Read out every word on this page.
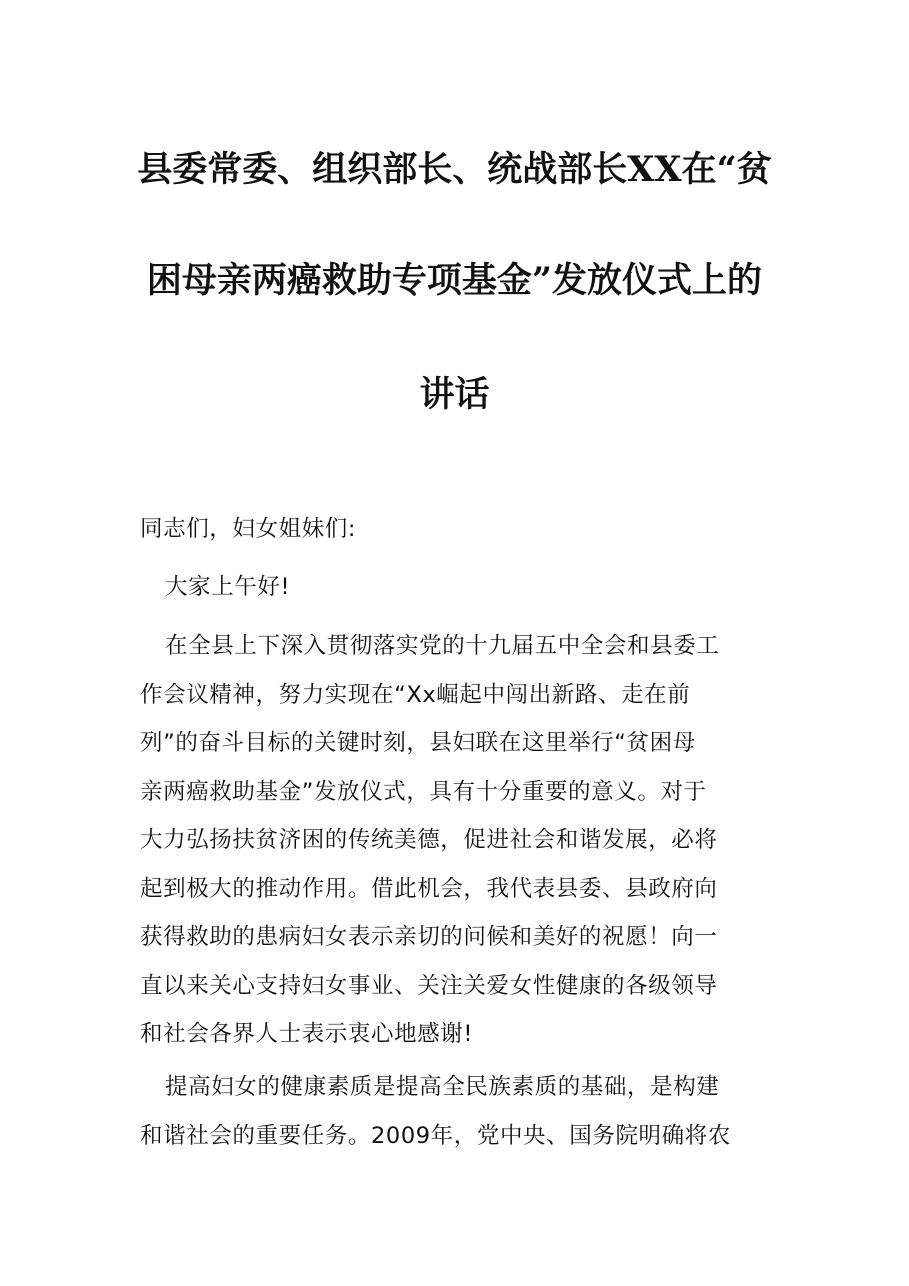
县委常委、组织部长、统战部长XX在“贫
困母亲两癌救助专项基金”发放仪式上的
讲话
同志们，妇女姐妹们:
大家上午好!
在全县上下深入贯彻落实党的十九届五中全会和县委工
作会议精神，努力实现在“Xx崛起中闯出新路、走在前
列”的奋斗目标的关键时刻，县妇联在这里举行“贫困母
亲两癌救助基金”发放仪式，具有十分重要的意义。对于
大力弘扬扶贫济困的传统美德，促进社会和谐发展，必将
起到极大的推动作用。借此机会，我代表县委、县政府向
获得救助的患病妇女表示亲切的问候和美好的祝愿！向一
直以来关心支持妇女事业、关注关爱女性健康的各级领导
和社会各界人士表示衷心地感谢!
提高妇女的健康素质是提高全民族素质的基础，是构建
和谐社会的重要任务。2009年，党中央、国务院明确将农
